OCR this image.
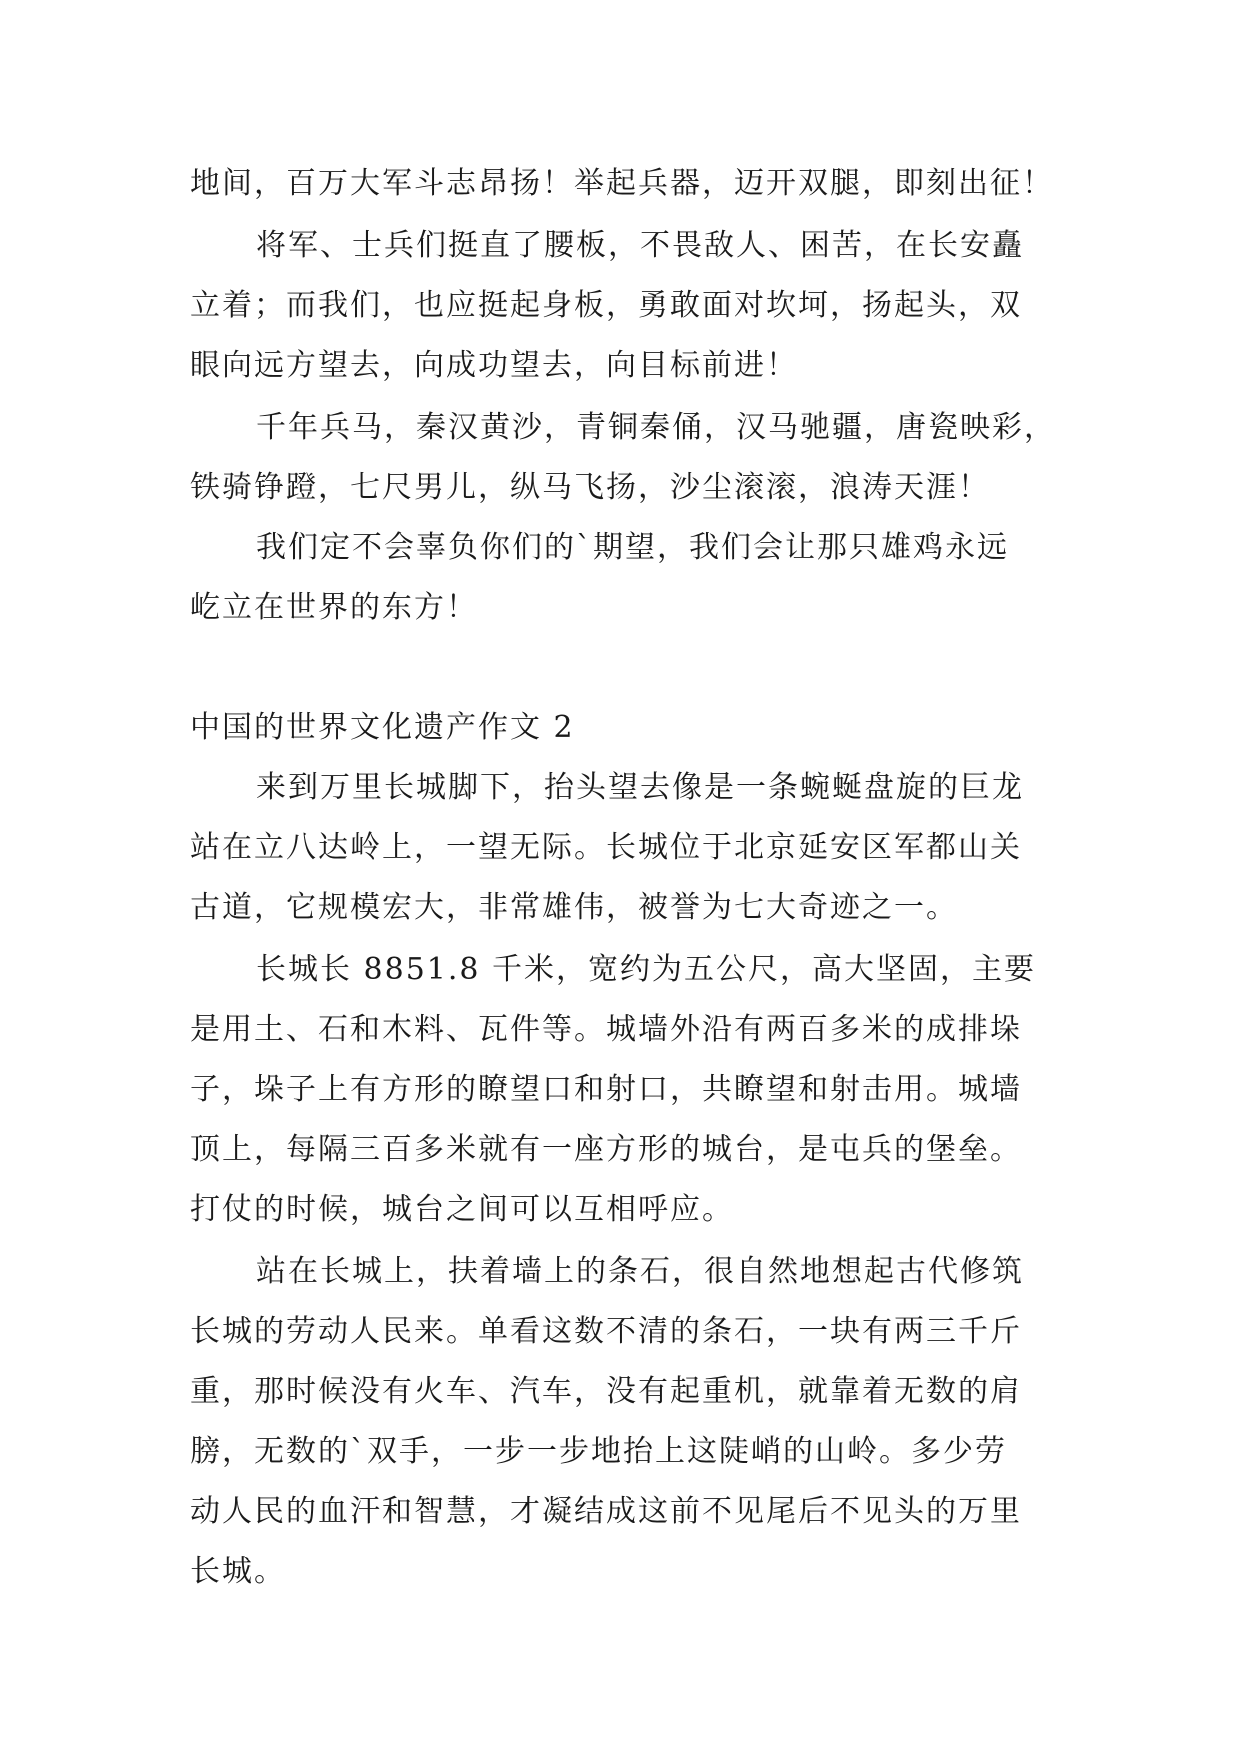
地间，百万大军斗志昂扬！举起兵器，迈开双腿，即刻出征！
将军、士兵们挺直了腰板，不畏敌人、困苦，在长安矗
立着；而我们，也应挺起身板，勇敢面对坎坷，扬起头，双
眼向远方望去，向成功望去，向目标前进！
千年兵马，秦汉黄沙，青铜秦俑，汉马驰疆，唐瓷映彩，
铁骑铮蹬，七尺男儿，纵马飞扬，沙尘滚滚，浪涛天涯！
我们定不会辜负你们的`期望，我们会让那只雄鸡永远
屹立在世界的东方！
中国的世界文化遗产作文 2
来到万里长城脚下，抬头望去像是一条蜿蜒盘旋的巨龙
站在立八达岭上，一望无际。长城位于北京延安区军都山关
古道，它规模宏大，非常雄伟，被誉为七大奇迹之一。
长城长 8851.8 千米，宽约为五公尺，高大坚固，主要
是用土、石和木料、瓦件等。城墙外沿有两百多米的成排垛
子，垛子上有方形的瞭望口和射口，共瞭望和射击用。城墙
顶上，每隔三百多米就有一座方形的城台，是屯兵的堡垒。
打仗的时候，城台之间可以互相呼应。
站在长城上，扶着墙上的条石，很自然地想起古代修筑
长城的劳动人民来。单看这数不清的条石，一块有两三千斤
重，那时候没有火车、汽车，没有起重机，就靠着无数的肩
膀，无数的`双手，一步一步地抬上这陡峭的山岭。多少劳
动人民的血汗和智慧，才凝结成这前不见尾后不见头的万里
长城。
